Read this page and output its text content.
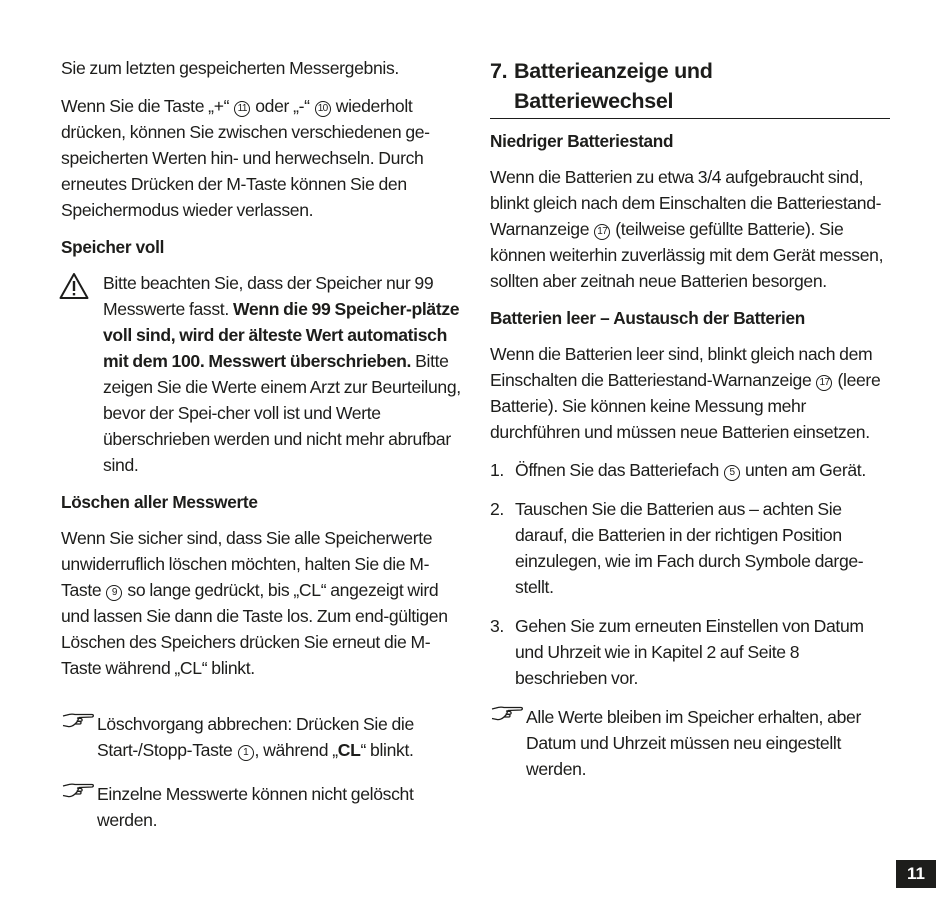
Sie zum letzten gespeicherten Messergebnis.

Wenn Sie die Taste „+“ 11 oder „-“ 10 wiederholt drücken, können Sie zwischen verschiedenen ge-speicherten Werten hin- und herwechseln. Durch erneutes Drücken der M-Taste können Sie den Speichermodus wieder verlassen.

Speicher voll

Bitte beachten Sie, dass der Speicher nur 99 Messwerte fasst. Wenn die 99 Speicher-plätze voll sind, wird der älteste Wert automatisch mit dem 100. Messwert überschrieben. Bitte zeigen Sie die Werte einem Arzt zur Beurteilung, bevor der Spei-cher voll ist und Werte überschrieben werden und nicht mehr abrufbar sind.

Löschen aller Messwerte

Wenn Sie sicher sind, dass Sie alle Speicherwerte unwiderruflich löschen möchten, halten Sie die M-Taste 9 so lange gedrückt, bis „CL“ angezeigt wird und lassen Sie dann die Taste los. Zum end-gültigen Löschen des Speichers drücken Sie erneut die M-Taste während „CL“ blinkt.

Löschvorgang abbrechen: Drücken Sie die Start-/Stopp-Taste 1 , während „CL“ blinkt.

Einzelne Messwerte können nicht gelöscht werden.

7. Batterieanzeige und
Batteriewechsel
Niedriger Batteriestand

Wenn die Batterien zu etwa 3/4 aufgebraucht sind, blinkt gleich nach dem Einschalten die Batteriestand-Warnanzeige 17 (teilweise gefüllte Batterie). Sie können weiterhin zuverlässig mit dem Gerät messen, sollten aber zeitnah neue Batterien besorgen.

Batterien leer – Austausch der Batterien

Wenn die Batterien leer sind, blinkt gleich nach dem Einschalten die Batteriestand-Warnanzeige 17 (leere Batterie). Sie können keine Messung mehr durchführen und müssen neue Batterien einsetzen.

1. Öffnen Sie das Batteriefach 5 unten am Gerät.
2. Tauschen Sie die Batterien aus – achten Sie darauf, die Batterien in der richtigen Position einzulegen, wie im Fach durch Symbole darge-stellt.
3. Gehen Sie zum erneuten Einstellen von Datum und Uhrzeit wie in Kapitel 2 auf Seite 8 beschrieben vor.

Alle Werte bleiben im Speicher erhalten, aber Datum und Uhrzeit müssen neu eingestellt werden.

11
